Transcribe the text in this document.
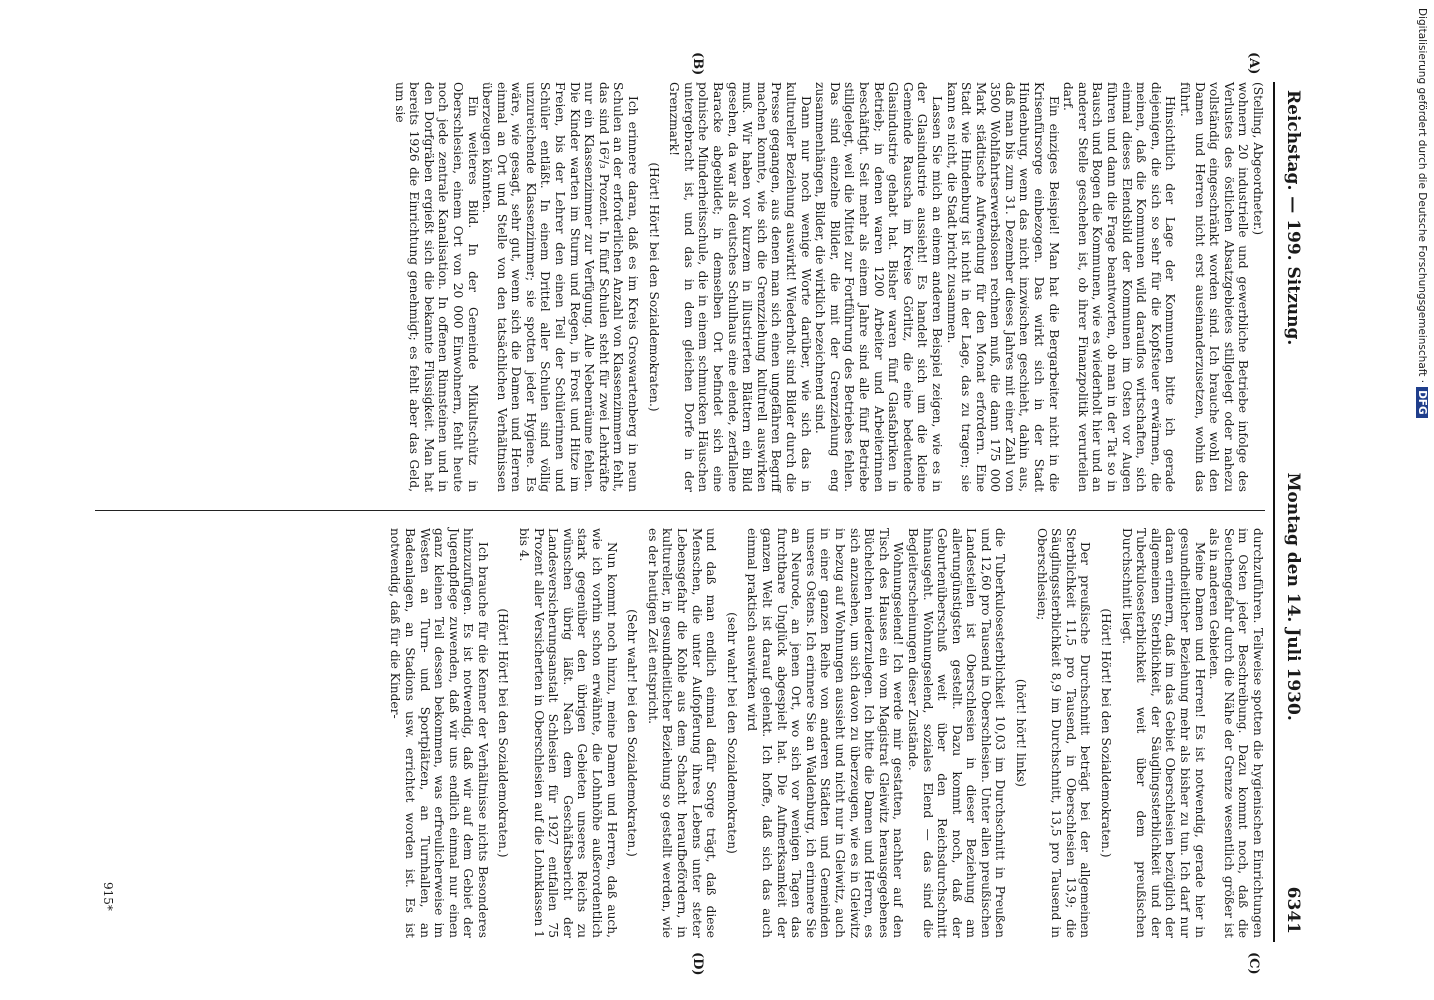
Reichstag. — 199. Sitzung.
Montag den 14. Juli 1930. 6341

(Stelling, Abgeordneter.)

wohnern 20 industrielle und gewerbliche Betriebe infolge des Verlustes des östlichen Absatzgebietes stillgelegt oder nahezu vollständig eingeschränkt worden sind. Ich brauche wohl den Damen und Herren nicht erst auseinanderzusetzen, wohin das führt.

Hinsichtlich der Lage der Kommunen bitte ich gerade diejenigen, die sich so sehr für die Kopfsteuer erwärmen, die meinen, daß die Kommunen wild darauflos wirtschaften, sich einmal dieses Elendsbild der Kommunen im Osten vor Augen führen und dann die Frage beantworten, ob man in der Tat so in Bausch und Bogen die Kommunen, wie es wiederholt hier und an anderer Stelle geschehen ist, ob ihrer Finanzpolitik verurteilen darf.

Ein einziges Beispiel! Man hat die Bergarbeiter nicht in die Krisenfürsorge einbezogen. Das wirkt sich in der Stadt Hindenburg, wenn das nicht inzwischen geschieht, dahin aus, daß man bis zum 31. Dezember dieses Jahres mit einer Zahl von 3500 Wohlfahrtserwerbslosen rechnen muß, die dann 175 000 Mark städtische Aufwendung für den Monat erfordern. Eine Stadt wie Hindenburg ist nicht in der Lage, das zu tragen; sie kann es nicht, die Stadt bricht zusammen.

Lassen Sie mich an einem anderen Beispiel zeigen, wie es in der Glasindustrie aussieht! Es handelt sich um die kleine Gemeinde Rauscha im Kreise Görlitz, die eine bedeutende Glasindustrie gehabt hat. Bisher waren fünf Glasfabriken in Betrieb; in denen waren 1200 Arbeiter und Arbeiterinnen beschäftigt. Seit mehr als einem Jahre sind alle fünf Betriebe stillgelegt, weil die Mittel zur Fortführung des Betriebes fehlen. Das sind einzelne Bilder, die mit der Grenzziehung eng zusammenhängen, Bilder, die wirklich bezeichnend sind.

Dann nur noch wenige Worte darüber, wie sich das in kultureller Beziehung auswirkt! Wiederholt sind Bilder durch die Presse gegangen, aus denen man sich einen ungefähren Begriff machen konnte, wie sich die Grenzziehung kulturell auswirken muß. Wir haben vor kurzem in illustrierten Blättern ein Bild gesehen, da war als deutsches Schulhaus eine elende, zerfallene Baracke abgebildet; in demselben Ort befindet sich eine polnische Minderheitsschule, die in einem schmucken Häuschen untergebracht ist, und das in dem gleichen Dorfe in der Grenzmark!

(Hört! Hört! bei den Sozialdemokraten.)

Ich erinnere daran, daß es im Kreis Groswartenberg in neun Schulen an der erforderlichen Anzahl von Klassenzimmern fehlt, das sind 16²/₃ Prozent. In fünf Schulen steht für zwei Lehrkräfte nur ein Klassenzimmer zur Verfügung. Alle Nebenräume fehlen. Die Kinder warten im Sturm und Regen, in Frost und Hitze im Freien, bis der Lehrer den einen Teil der Schülerinnen und Schüler entläßt. In einem Drittel aller Schulen sind völlig unzureichende Klassenzimmer; sie spotten jeder Hygiene. Es wäre, wie gesagt, sehr gut, wenn sich die Damen und Herren einmal an Ort und Stelle von den tatsächlichen Verhältnissen überzeugen könnten.

Ein weiteres Bild. In der Gemeinde Mikultschütz in Oberschlesien, einem Ort von 20 000 Einwohnern, fehlt heute noch jede zentrale Kanalisation. In offenen Rinnsteinen und in den Dorfgräben ergießt sich die bekannte Flüssigkeit. Man hat bereits 1926 die Einrichtung genehmigt; es fehlt aber das Geld, um sie

durchzuführen. Teilweise spotten die hygienischen Einrichtungen im Osten jeder Beschreibung. Dazu kommt noch, daß die Seuchengefahr durch die Nähe der Grenze wesentlich größer ist als in anderen Gebieten.

Meine Damen und Herren! Es ist notwendig, gerade hier in gesundheitlicher Beziehung mehr als bisher zu tun. Ich darf nur daran erinnern, daß im das Gebiet Oberschlesien bezüglich der allgemeinen Sterblichkeit, der Säuglingssterblichkeit und der Tuberkulosesterblichkeit weit über dem preußischen Durchschnitt liegt.

(Hört! Hört! bei den Sozialdemokraten.)

Der preußische Durchschnitt beträgt bei der allgemeinen Sterblichkeit 11,5 pro Tausend, in Oberschlesien 13,9; die Säuglingssterblichkeit 8,9 im Durchschnitt, 13,5 pro Tausend in Oberschlesien;

(hört! hört! links)

die Tuberkulosesterblichkeit 10,03 im Durchschnitt in Preußen und 12,60 pro Tausend in Oberschlesien. Unter allen preußischen Landesteilen ist Oberschlesien in dieser Beziehung am allerungünstigsten gestellt. Dazu kommt noch, daß der Geburtenüberschuß weit über den Reichsdurchschnitt hinausgeht. Wohnungselend, soziales Elend — das sind die Begleiterscheinungen dieser Zustände.

Wohnungselend! Ich werde mir gestatten, nachher auf den Tisch des Hauses ein vom Magistrat Gleiwitz herausgegebenes Büchelchen niederzulegen. Ich bitte die Damen und Herren, es sich anzusehen, um sich davon zu überzeugen, wie es in Gleiwitz in bezug auf Wohnungen aussieht und nicht nur in Gleiwitz, auch in einer ganzen Reihe von anderen Städten und Gemeinden unseres Ostens. Ich erinnere Sie an Waldenburg, ich erinnere Sie an Neurode, an jenen Ort, wo sich vor wenigen Tagen das furchtbare Unglück abgespielt hat. Die Aufmerksamkeit der ganzen Welt ist darauf gelenkt. Ich hoffe, daß sich das auch einmal praktisch auswirken wird

(sehr wahr! bei den Sozialdemokraten)

und daß man endlich einmal dafür Sorge trägt, daß diese Menschen, die unter Aufopferung ihres Lebens unter steter Lebensgefahr die Kohle aus dem Schacht heraufbefördern, in kultureller, in gesundheitlicher Beziehung so gestellt werden, wie es der heutigen Zeit entspricht.

(Sehr wahr! bei den Sozialdemokraten.)

Nun kommt noch hinzu, meine Damen und Herren, daß auch, wie ich vorhin schon erwähnte, die Lohnhöhe außerordentlich stark gegenüber den übrigen Gebieten unseres Reichs zu wünschen übrig läßt. Nach dem Geschäftsbericht der Landesversicherungsanstalt Schlesien für 1927 entfallen 75 Prozent aller Versicherten in Oberschlesien auf die Lohnklassen 1 bis 4.

(Hört! Hört! bei den Sozialdemokraten.)

Ich brauche für die Kenner der Verhältnisse nichts Besonderes hinzuzufügen. Es ist notwendig, daß wir auf dem Gebiet der Jugendpflege zuwenden, daß wir uns endlich einmal nur einen ganz kleinen Teil dessen bekommen, was erfreulicherweise im Westen an Turn- und Sportplätzen, an Turnhallen, an Badeanlagen, an Stadions usw. errichtet worden ist. Es ist notwendig, daß für die Kinder-

(A)
(B)
(C)
(D)
915*
Digitalisierung gefördert durch die Deutsche Forschungsgemeinschaft ·DFG
